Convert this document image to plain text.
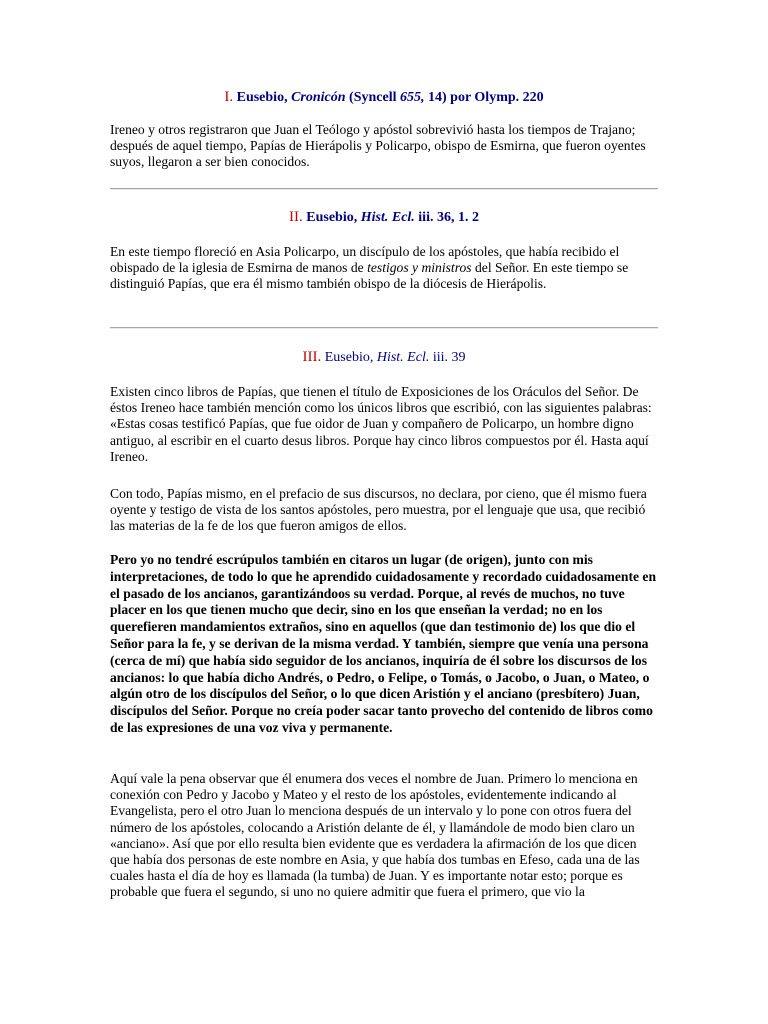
I. Eusebio, Cronicón (Syncell 655, 14) por Olymp. 220

Ireneo y otros registraron que Juan el Teólogo y apóstol sobrevivió hasta los tiempos de Trajano; después de aquel tiempo, Papías de Hierápolis y Policarpo, obispo de Esmirna, que fueron oyentes suyos, llegaron a ser bien conocidos.

II. Eusebio, Hist. Ecl. iii. 36, 1. 2

En este tiempo floreció en Asia Policarpo, un discípulo de los apóstoles, que había recibido el obispado de la iglesia de Esmirna de manos de testigos y ministros del Señor. En este tiempo se distinguió Papías, que era él mismo también obispo de la diócesis de Hierápolis.

III. Eusebio, Hist. Ecl. iii. 39

Existen cinco libros de Papías, que tienen el título de Exposiciones de los Oráculos del Señor. De éstos Ireneo hace también mención como los únicos libros que escribió, con las siguientes palabras: «Estas cosas testificó Papías, que fue oidor de Juan y compañero de Policarpo, un hombre digno antiguo, al escribir en el cuarto desus libros. Porque hay cinco libros compuestos por él. Hasta aquí Ireneo.

Con todo, Papías mismo, en el prefacio de sus discursos, no declara, por cieno, que él mismo fuera oyente y testigo de vista de los santos apóstoles, pero muestra, por el lenguaje que usa, que recibió las materias de la fe de los que fueron amigos de ellos.

Pero yo no tendré escrúpulos también en citaros un lugar (de origen), junto con mis interpretaciones, de todo lo que he aprendido cuidadosamente y recordado cuidadosamente en el pasado de los ancianos, garantizándoos su verdad. Porque, al revés de muchos, no tuve placer en los que tienen mucho que decir, sino en los que enseñan la verdad; no en los querefieren mandamientos extraños, sino en aquellos (que dan testimonio de) los que dio el Señor para la fe, y se derivan de la misma verdad. Y también, siempre que venía una persona (cerca de mí) que había sido seguidor de los ancianos, inquiría de él sobre los discursos de los ancianos: lo que había dicho Andrés, o Pedro, o Felipe, o Tomás, o Jacobo, o Juan, o Mateo, o algún otro de los discípulos del Señor, o lo que dicen Aristión y el anciano (presbítero) Juan, discípulos del Señor. Porque no creía poder sacar tanto provecho del contenido de libros como de las expresiones de una voz viva y permanente.

Aquí vale la pena observar que él enumera dos veces el nombre de Juan. Primero lo menciona en conexión con Pedro y Jacobo y Mateo y el resto de los apóstoles, evidentemente indicando al Evangelista, pero el otro Juan lo menciona después de un intervalo y lo pone con otros fuera del número de los apóstoles, colocando a Aristión delante de él, y llamándole de modo bien claro un «anciano». Así que por ello resulta bien evidente que es verdadera la afirmación de los que dicen que había dos personas de este nombre en Asia, y que había dos tumbas en Efeso, cada una de las cuales hasta el día de hoy es llamada (la tumba) de Juan. Y es importante notar esto; porque es probable que fuera el segundo, si uno no quiere admitir que fuera el primero, que vio la
